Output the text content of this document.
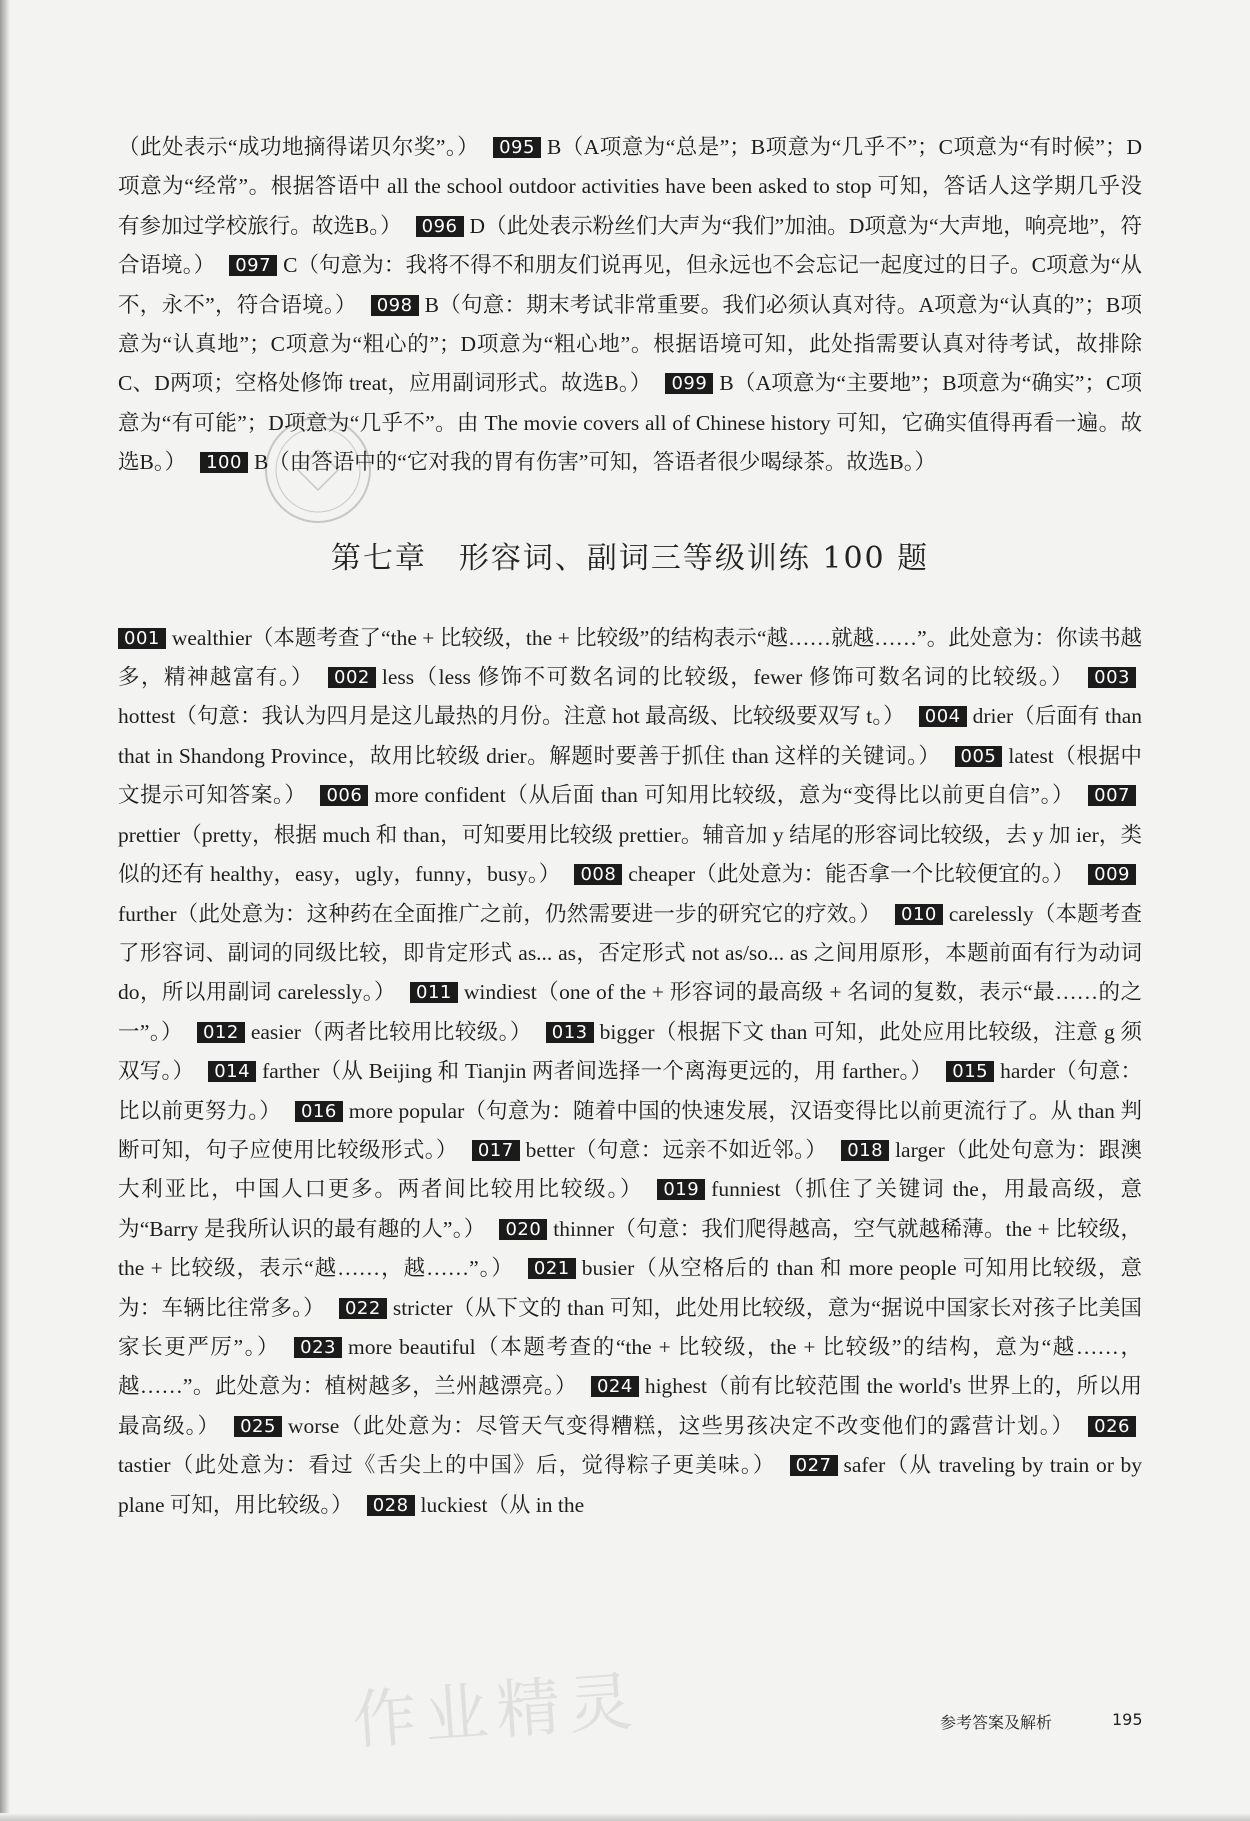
（此处表示“成功地摘得诺贝尔奖”。） 095 B（A项意为“总是”；B项意为“几乎不”；C项意为“有时候”；D项意为“经常”。根据答语中 all the school outdoor activities have been asked to stop 可知，答话人这学期几乎没有参加过学校旅行。故选B。） 096 D（此处表示粉丝们大声为“我们”加油。D项意为“大声地，响亮地”，符合语境。） 097 C（句意为：我将不得不和朋友们说再见，但永远也不会忘记一起度过的日子。C项意为“从不，永不”，符合语境。） 098 B（句意：期末考试非常重要。我们必须认真对待。A项意为“认真的”；B项意为“认真地”；C项意为“粗心的”；D项意为“粗心地”。根据语境可知，此处指需要认真对待考试，故排除C、D两项；空格处修饰 treat，应用副词形式。故选B。） 099 B（A项意为“主要地”；B项意为“确实”；C项意为“有可能”；D项意为“几乎不”。由 The movie covers all of Chinese history 可知，它确实值得再看一遍。故选B。） 100 B（由答语中的“它对我的胃有伤害”可知，答语者很少喝绿茶。故选B。）

第七章　形容词、副词三等级训练 100 题

001 wealthier（本题考查了“the + 比较级，the + 比较级”的结构表示“越……就越……”。此处意为：你读书越多，精神越富有。） 002 less（less 修饰不可数名词的比较级，fewer 修饰可数名词的比较级。） 003hottest（句意：我认为四月是这儿最热的月份。注意 hot 最高级、比较级要双写 t。） 004 drier（后面有 than that in Shandong Province，故用比较级 drier。解题时要善于抓住 than 这样的关键词。） 005 latest（根据中文提示可知答案。） 006 more confident（从后面 than 可知用比较级，意为“变得比以前更自信”。） 007prettier（pretty，根据 much 和 than，可知要用比较级 prettier。辅音加 y 结尾的形容词比较级，去 y 加 ier，类似的还有 healthy，easy，ugly，funny，busy。） 008 cheaper（此处意为：能否拿一个比较便宜的。） 009further（此处意为：这种药在全面推广之前，仍然需要进一步的研究它的疗效。） 010 carelessly（本题考查了形容词、副词的同级比较，即肯定形式 as... as，否定形式 not as/so... as 之间用原形，本题前面有行为动词 do，所以用副词 carelessly。） 011 windiest（one of the + 形容词的最高级 + 名词的复数，表示“最……的之一”。） 012 easier（两者比较用比较级。） 013 bigger（根据下文 than 可知，此处应用比较级，注意 g 须双写。） 014 farther（从 Beijing 和 Tianjin 两者间选择一个离海更远的，用 farther。） 015 harder（句意：比以前更努力。） 016 more popular（句意为：随着中国的快速发展，汉语变得比以前更流行了。从 than 判断可知，句子应使用比较级形式。） 017 better（句意：远亲不如近邻。） 018 larger（此处句意为：跟澳大利亚比，中国人口更多。两者间比较用比较级。） 019 funniest（抓住了关键词 the，用最高级，意为“Barry 是我所认识的最有趣的人”。） 020 thinner（句意：我们爬得越高，空气就越稀薄。the + 比较级，the + 比较级，表示“越……，越……”。） 021 busier（从空格后的 than 和 more people 可知用比较级，意为：车辆比往常多。） 022 stricter（从下文的 than 可知，此处用比较级，意为“据说中国家长对孩子比美国家长更严厉”。） 023 more beautiful（本题考查的“the + 比较级，the + 比较级”的结构，意为“越……，越……”。此处意为：植树越多，兰州越漂亮。） 024 highest（前有比较范围 the world's 世界上的，所以用最高级。） 025 worse（此处意为：尽管天气变得糟糕，这些男孩决定不改变他们的露营计划。） 026tastier（此处意为：看过《舌尖上的中国》后，觉得粽子更美味。） 027 safer（从 traveling by train or by plane 可知，用比较级。） 028 luckiest（从 in the

作业精灵	参考答案及解析	195
